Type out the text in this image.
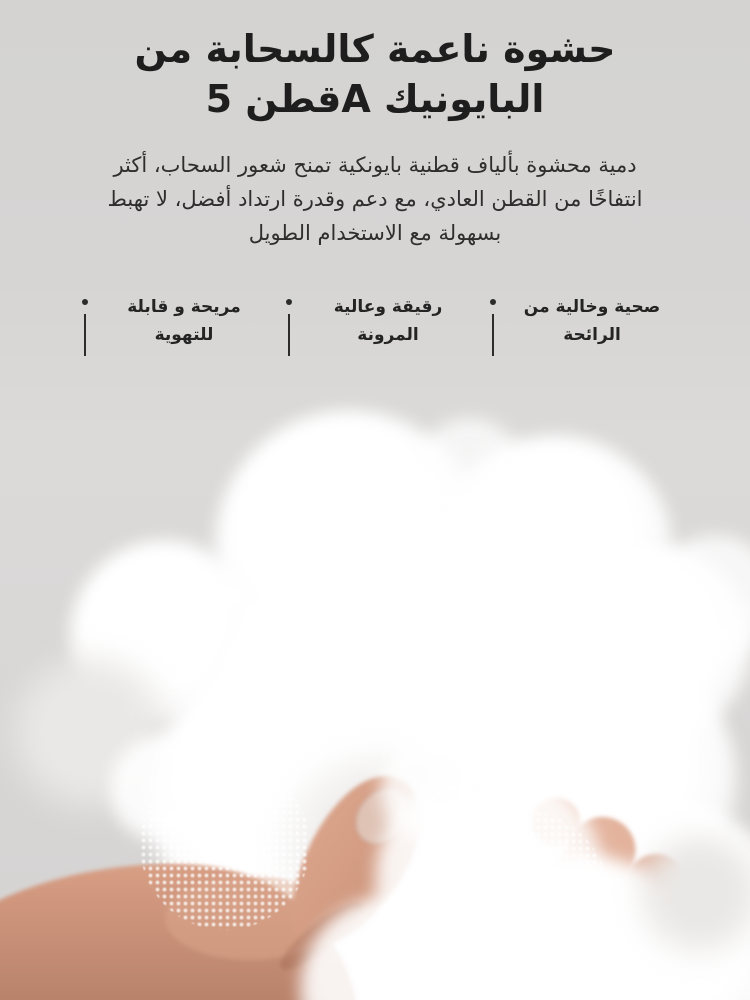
حشوة ناعمة كالسحابة من
قطن 5A البايونيك

دمية محشوة بألياف قطنية بايونكية تمنح شعور السحاب، أكثر
انتفاخًا من القطن العادي، مع دعم وقدرة ارتداد أفضل، لا تهبط
بسهولة مع الاستخدام الطويل

صحية وخالية من
الرائحة
رقيقة وعالية
المرونة
مريحة و قابلة
للتهوية
